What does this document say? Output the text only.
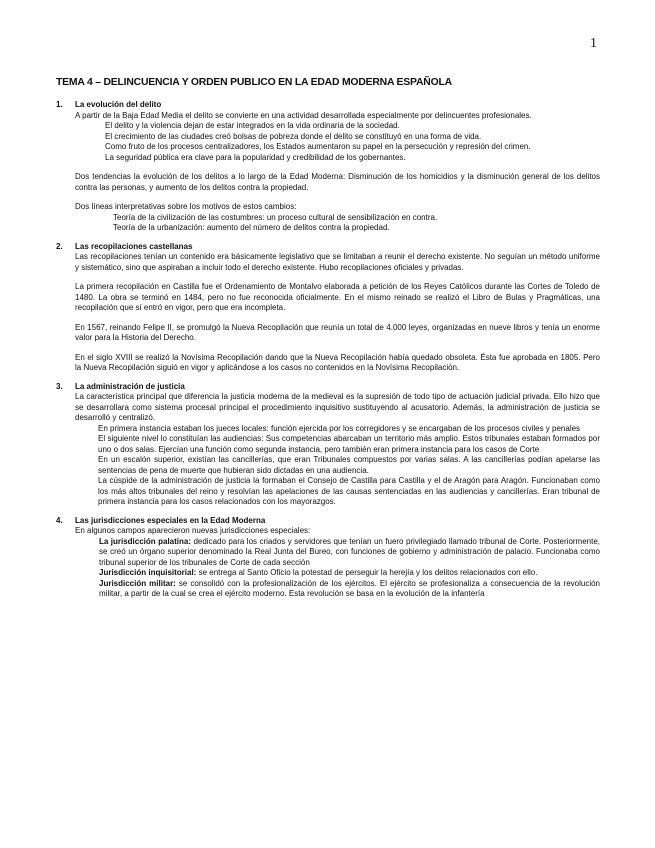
1
TEMA 4 – DELINCUENCIA Y ORDEN PUBLICO EN LA EDAD MODERNA ESPAÑOLA
1. La evolución del delito
A partir de la Baja Edad Media el delito se convierte en una actividad desarrollada especialmente por delincuentes profesionales.
El delito y la violencia dejan de estar integrados en la vida ordinaria de la sociedad.
El crecimiento de las ciudades creó bolsas de pobreza donde el delito se constituyó en una forma de vida.
Como fruto de los procesos centralizadores, los Estados aumentaron su papel en la persecución y represión del crimen.
La seguridad pública era clave para la popularidad y credibilidad de los gobernantes.
Dos tendencias la evolución de los delitos a lo largo de la Edad Moderna: Disminución de los homicidios y la disminución general de los delitos contra las personas, y aumento de los delitos contra la propiedad.
Dos líneas interpretativas sobre los motivos de estos cambios:
Teoría de la civilización de las costumbres: un proceso cultural de sensibilización en contra.
Teoría de la urbanización: aumento del número de delitos contra la propiedad.
2. Las recopilaciones castellanas
Las recopilaciones tenían un contenido era básicamente legislativo que se limitaban a reunir el derecho existente. No seguían un método uniforme y sistemático, sino que aspiraban a incluir todo el derecho existente. Hubo recopilaciones oficiales y privadas.
La primera recopilación en Castilla fue el Ordenamiento de Montalvo elaborada a petición de los Reyes Católicos durante las Cortes de Toledo de 1480. La obra se terminó en 1484, pero no fue reconocida oficialmente. En el mismo reinado se realizó el Libro de Bulas y Pragmáticas, una recopilación que sí entró en vigor, pero que era incompleta.
En 1567, reinando Felipe II, se promulgó la Nueva Recopilación que reunía un total de 4.000 leyes, organizadas en nueve libros y tenía un enorme valor para la Historia del Derecho.
En el siglo XVIII se realizó la Novísima Recopilación dando que la Nueva Recopilación había quedado obsoleta. Ésta fue aprobada en 1805. Pero la Nueva Recopilación siguió en vigor y aplicándose a los casos no contenidos en la Novísima Recopilación.
3. La administración de justicia
La característica principal que diferencia la justicia moderna de la medieval es la supresión de todo tipo de actuación judicial privada. Ello hizo que se desarrollara como sistema procesal principal el procedimiento inquisitivo sustituyendo al acusatorio. Además, la administración de justicia se desarrolló y centralizó.
En primera instancia estaban los jueces locales: función ejercida por los corregidores y se encargaban de los procesos civiles y penales
El siguiente nivel lo constituían las audiencias: Sus competencias abarcaban un territorio más amplio. Estos tribunales estaban formados por uno o dos salas. Ejercían una función como segunda instancia, pero también eran primera instancia para los casos de Corte
En un escalón superior, existían las cancillerías, que eran Tribunales compuestos por varias salas. A las cancillerías podían apelarse las sentencias de pena de muerte que hubieran sido dictadas en una audiencia.
La cúspide de la administración de justicia la formaban el Consejo de Castilla para Castilla y el de Aragón para Aragón. Funcionaban como los más altos tribunales del reino y resolvían las apelaciones de las causas sentenciadas en las audiencias y cancillerías. Eran tribunal de primera instancia para los casos relacionados con los mayorazgos.
4. Las jurisdicciones especiales en la Edad Moderna
En algunos campos aparecieron nuevas jurisdicciones especiales:
La jurisdicción palatina: dedicado para los criados y servidores que tenían un fuero privilegiado llamado tribunal de Corte. Posteriormente, se creó un órgano superior denominado la Real Junta del Bureo, con funciones de gobierno y administración de palacio. Funcionaba como tribunal superior de los tribunales de Corte de cada sección
Jurisdicción inquisitorial: se entrega al Santo Oficio la potestad de perseguir la herejía y los delitos relacionados con ello.
Jurisdicción militar: se consolidó con la profesionalización de los ejércitos. El ejército se profesionaliza a consecuencia de la revolución militar, a partir de la cual se crea el ejército moderno. Esta revolución se basa en la evolución de la infantería
